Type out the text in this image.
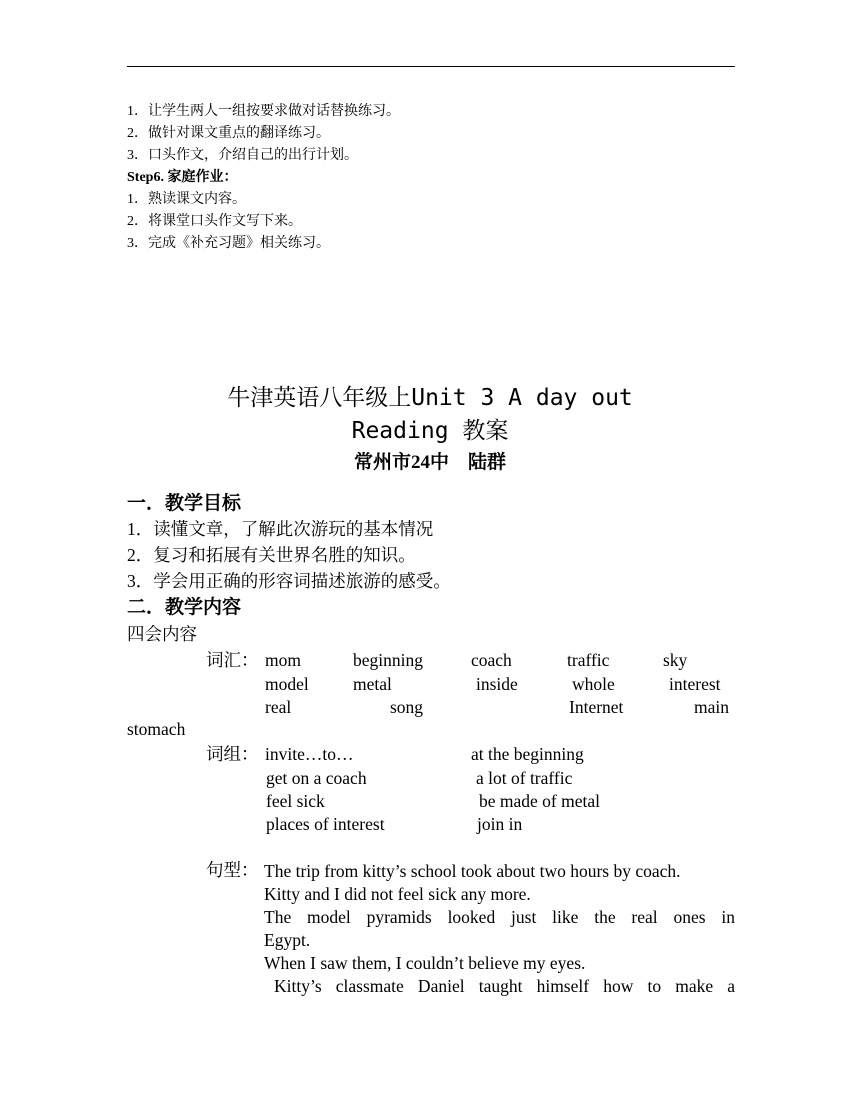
1．让学生两人一组按要求做对话替换练习。
2．做针对课文重点的翻译练习。
3．口头作文，介绍自己的出行计划。
Step6. 家庭作业：
1．熟读课文内容。
2．将课堂口头作文写下来。
3．完成《补充习题》相关练习。
牛津英语八年级上Unit 3 A day out
Reading 教案
常州市24中　陆群
一．教学目标
1．读懂文章，了解此次游玩的基本情况
2．复习和拓展有关世界名胜的知识。
3．学会用正确的形容词描述旅游的感受。
二．教学内容
四会内容
词汇： mom	beginning	coach	traffic	sky
model	metal	inside	whole	interest
real	song	Internet	main
stomach
词组： invite…to…	at the beginning
get on a coach	a lot of traffic
feel sick	be made of metal
places of interest	join in
句型： The trip from kitty’s school took about two hours by coach.
Kitty and I did not feel sick any more.
The model pyramids looked just like the real ones in
Egypt.
When I saw them, I couldn’t believe my eyes.
Kitty’s classmate Daniel taught himself how to make a
